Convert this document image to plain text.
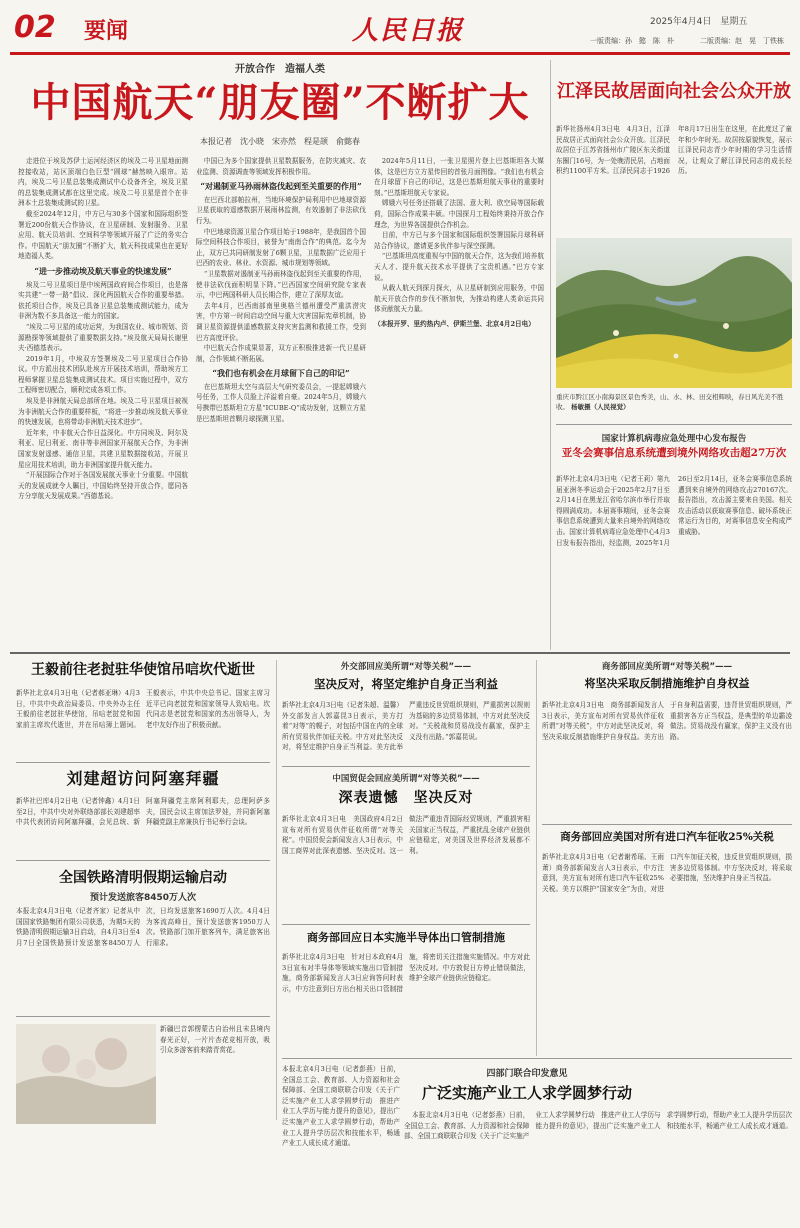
02 要闻	人民日报	2025年4月4日　星期五
一版责编：孙　懿　陈　朴	二版责编：赵　晃　丁铁栋
开放合作　造福人类
中国航天“朋友圈”不断扩大
本报记者　沈小晓　宋亦然　程是颉　俞懿春

走进位于埃及苏伊士运河经济区的埃及二号卫星地面测控接收站，站区顶端白色巨型“圆球”赫然映入眼帘。站内，埃及二号卫星总装集成测试中心设备齐全，埃及卫星的总装集成测试都在这里完成。埃及二号卫星是首个在非洲本土总装集成测试的卫星。

截至2024年12月，中方已与30多个国家和国际组织签署近200份航天合作协议，在卫星研制、发射服务、卫星应用、航天员培训、空间科学等领域开展了广泛的务实合作。中国航天“朋友圈”不断扩大，航天科技成果也在更好地造福人类。

“进一步推动埃及航天事业的快速发展”

埃及二号卫星项目是中埃两国政府间合作项目，也是落实共建“一带一路”倡议、深化两国航天合作的重要举措。依托项目合作，埃及已具备卫星总装集成测试能力，成为非洲为数不多具备这一能力的国家。

“埃及二号卫星的成功运营，为我国农业、城市规划、资源勘探等领域提供了重要数据支持。”埃及航天局局长谢里夫·西德基表示。

2019年1月，中埃双方签署埃及二号卫星项目合作协议。中方派出技术团队赴埃方开展技术培训，帮助埃方工程师掌握卫星总装集成测试技术。项目实施过程中，双方工程师密切配合，顺利完成各项工作。

埃及是非洲航天局总部所在地。埃及二号卫星项目被视为非洲航天合作的重要样板，“将进一步推动埃及航天事业的快速发展，也将带动非洲航天技术进步”。

近年来，中非航天合作日益深化。中方同埃及、阿尔及利亚、尼日利亚、南非等非洲国家开展航天合作，为非洲国家发射遥感、通信卫星，共建卫星数据接收站，开展卫星应用技术培训，助力非洲国家提升航天能力。

“开展国际合作对于各国发展航天事业十分重要。中国航天的发展成就令人瞩目，中国始终坚持开放合作，愿同各方分享航天发展成果。”西德基说。

中国已为多个国家提供卫星数据服务，在防灾减灾、农业监测、资源调查等领域发挥积极作用。

“对遏制亚马孙雨林盗伐起到至关重要的作用”

在巴西北部帕拉州，当地环境保护局利用中巴地球资源卫星获取的遥感数据开展雨林监测，有效遏制了非法砍伐行为。

中巴地球资源卫星合作项目始于1988年，是我国首个国际空间科技合作项目，被誉为“南南合作”的典范。迄今为止，双方已共同研制发射了6颗卫星，卫星数据广泛应用于巴西的农业、林业、水资源、城市规划等领域。

“卫星数据对遏制亚马孙雨林盗伐起到至关重要的作用，使非法砍伐面积明显下降。”巴西国家空间研究院专家表示，中巴两国科研人员长期合作，建立了深厚友谊。

去年4月，巴西南部南里奥格兰德州遭受严重洪涝灾害，中方第一时间启动空间与重大灾害国际宪章机制，协调卫星资源提供遥感数据支持灾害监测和救援工作，受到巴方高度评价。

中巴航天合作成果显著，双方正积极推进新一代卫星研制，合作领域不断拓展。

“我们也有机会在月球留下自己的印记”

在巴基斯坦太空与高层大气研究委员会，一提起嫦娥六号任务，工作人员脸上洋溢着自豪。2024年5月，嫦娥六号携带巴基斯坦立方星“ICUBE-Q”成功发射，这颗立方星是巴基斯坦首颗月球探测卫星。

2024年5月11日，一张卫星照片登上巴基斯坦各大媒体，这是巴方立方星传回的首张月面图像。“我们也有机会在月球留下自己的印记，这是巴基斯坦航天事业的重要时刻。”巴基斯坦航天专家说。

嫦娥六号任务还搭载了法国、意大利、欧空局等国际载荷，国际合作成果丰硕。中国探月工程始终秉持开放合作理念，为世界各国提供合作机会。

目前，中方已与多个国家和国际组织签署国际月球科研站合作协议，邀请更多伙伴参与深空探测。

“巴基斯坦高度重视与中国的航天合作，这为我们培养航天人才、提升航天技术水平提供了宝贵机遇。”巴方专家说。

从载人航天到探月探火，从卫星研制到应用服务，中国航天开放合作的步伐不断加快，为推动构建人类命运共同体贡献航天力量。

（本报开罗、里约热内卢、伊斯兰堡、北京4月2日电）

江泽民故居面向社会公众开放
新华社扬州4月3日电　4月3日，江泽民故居正式面向社会公众开放。江泽民故居位于江苏省扬州市广陵区东关街道东圈门16号，为一处晚清民居，占地面积约1100平方米。江泽民同志于1926年8月17日出生在这里，在此度过了童年和少年时光。故居按原貌恢复，展示江泽民同志青少年时期的学习生活情况，让观众了解江泽民同志的成长经历。
重庆市黔江区小南海景区景色秀美，山、水、林、田交相辉映，春日风光美不胜收。 杨敏摄（人民视觉）
国家计算机病毒应急处理中心发布报告
亚冬会赛事信息系统遭到境外网络攻击超27万次
新华社北京4月3日电（记者王莉）第九届亚洲冬季运动会于2025年2月7日至2月14日在黑龙江省哈尔滨市举行并取得圆满成功。本届赛事期间，亚冬会赛事信息系统遭到大量来自境外的网络攻击。国家计算机病毒应急处理中心4月3日发布报告指出，经监测，2025年1月26日至2月14日，亚冬会赛事信息系统遭到来自境外的网络攻击270167次。报告指出，攻击源主要来自美国。相关攻击活动以获取赛事信息、破坏系统正常运行为目的，对赛事信息安全构成严重威胁。
王毅前往老挝驻华使馆吊唁坎代逝世
新华社北京4月3日电（记者郝亚琳）4月3日，中共中央政治局委员、中央外办主任王毅前往老挝驻华使馆，吊唁老挝党和国家前主席坎代逝世，并在吊唁簿上题词。王毅表示，中共中央总书记、国家主席习近平已向老挝党和国家领导人致唁电。坎代同志是老挝党和国家的杰出领导人，为老中友好作出了积极贡献。
刘建超访问阿塞拜疆
新华社巴库4月2日电（记者钟鑫）4月1日至2日，中共中央对外联络部部长刘建超率中共代表团访问阿塞拜疆，会见总统、新阿塞拜疆党主席阿利耶夫，总理阿萨多夫，国民会议主席加法罗娃，并同新阿塞拜疆党副主席兼执行书记举行会谈。
全国铁路清明假期运输启动
预计发送旅客8450万人次
本报北京4月3日电（记者齐家）记者从中国国家铁路集团有限公司获悉，为期5天的铁路清明假期运输3日启动，自4月3日至4月7日全国铁路预计发送旅客8450万人次，日均发送旅客1690万人次。4月4日为客流高峰日，预计发送旅客1950万人次。铁路部门加开旅客列车，满足旅客出行需求。
新疆巴音郭楞蒙古自治州且末县境内春光正好，一片片杏花竞相开放，吸引众多游客前来踏青赏花。
外交部回应美所谓“对等关税”——
坚决反对，将坚定维护自身正当利益
新华社北京4月3日电（记者朱超、温馨）外交部发言人郭嘉昆3日表示，美方打着“对等”的幌子，对包括中国在内的全球所有贸易伙伴加征关税。中方对此坚决反对，将坚定维护自身正当利益。美方此举严重违反世贸组织规则，严重损害以规则为基础的多边贸易体制，中方对此坚决反对。“关税战和贸易战没有赢家，保护主义没有出路。”郭嘉昆说。
中国贸促会回应美所谓“对等关税”——
深表遗憾　坚决反对
新华社北京4月3日电　美国政府4月2日宣布对所有贸易伙伴征收所谓“对等关税”。中国贸促会新闻发言人3日表示，中国工商界对此深表遗憾、坚决反对。这一做法严重违背国际经贸规则，严重损害相关国家正当权益，严重扰乱全球产业链供应链稳定，对美国及世界经济发展都不利。
商务部回应日本实施半导体出口管制措施
新华社北京4月3日电　针对日本政府4月3日宣布对半导体等领域实施出口管制措施，商务部新闻发言人3日应询答问时表示，中方注意到日方出台相关出口管制措施，将密切关注措施实施情况。中方对此坚决反对。中方敦促日方停止错误做法，维护全球产业链供应链稳定。
商务部回应美所谓“对等关税”——
将坚决采取反制措施维护自身权益
新华社北京4月3日电　商务部新闻发言人3日表示，美方宣布对所有贸易伙伴征收所谓“对等关税”，中方对此坚决反对，将坚决采取反制措施维护自身权益。美方出于自身利益需要，违背世贸组织规则，严重损害各方正当权益，是典型的单边霸凌做法。贸易战没有赢家，保护主义没有出路。
商务部回应美国对所有进口汽车征收25%关税
新华社北京4月3日电（记者谢希瑶、王雨萧）商务部新闻发言人3日表示，中方注意到，美方宣布对所有进口汽车征收25%关税。美方以维护“国家安全”为由，对进口汽车加征关税，违反世贸组织规则，损害多边贸易体制。中方坚决反对，将采取必要措施，坚决维护自身正当权益。
本报北京4月3日电（记者彭燕）日前，全国总工会、教育部、人力资源和社会保障部、全国工商联联合印发《关于广泛实施产业工人求学圆梦行动　推进产业工人学历与能力提升的意见》，提出广泛实施产业工人求学圆梦行动，帮助产业工人提升学历层次和技能水平，畅通产业工人成长成才通道。
四部门联合印发意见
广泛实施产业工人求学圆梦行动

本报北京4月3日电（记者彭燕）日前，全国总工会、教育部、人力资源和社会保障部、全国工商联联合印发《关于广泛实施产业工人求学圆梦行动　推进产业工人学历与能力提升的意见》，提出广泛实施产业工人求学圆梦行动，帮助产业工人提升学历层次和技能水平，畅通产业工人成长成才通道。
